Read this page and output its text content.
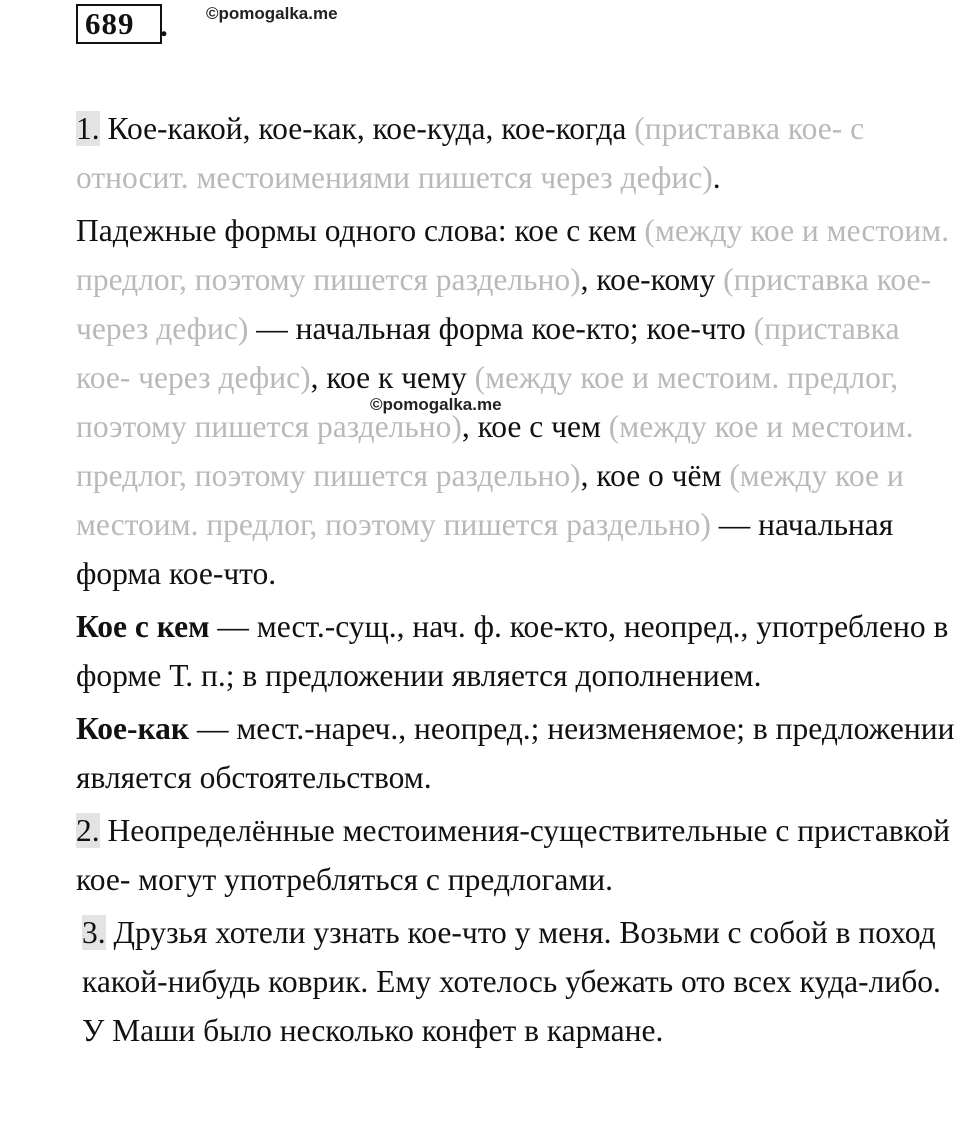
689 . ©pomogalka.me
©pomogalka.me

1. Кое-какой, кое-как, кое-куда, кое-когда (приставка кое- с относит. местоимениями пишется через дефис).

Падежные формы одного слова: кое с кем (между кое и местоим. предлог, поэтому пишется раздельно), кое-кому (приставка кое- через дефис) — начальная форма кое-кто; кое-что (приставка кое- через дефис), кое к чему (между кое и местоим. предлог, поэтому пишется раздельно), кое с чем (между кое и местоим. предлог, поэтому пишется раздельно), кое о чём (между кое и местоим. предлог, поэтому пишется раздельно) — начальная форма кое-что.

Кое с кем — мест.-сущ., нач. ф. кое-кто, неопред., употреблено в форме Т. п.; в предложении является дополнением.

Кое-как — мест.-нареч., неопред.; неизменяемое; в предложении является обстоятельством.

2. Неопределённые местоимения-существительные с приставкой кое- могут употребляться с предлогами.

3. Друзья хотели узнать кое-что у меня. Возьми с собой в поход какой-нибудь коврик. Ему хотелось убежать ото всех куда-либо. У Маши было несколько конфет в кармане.
